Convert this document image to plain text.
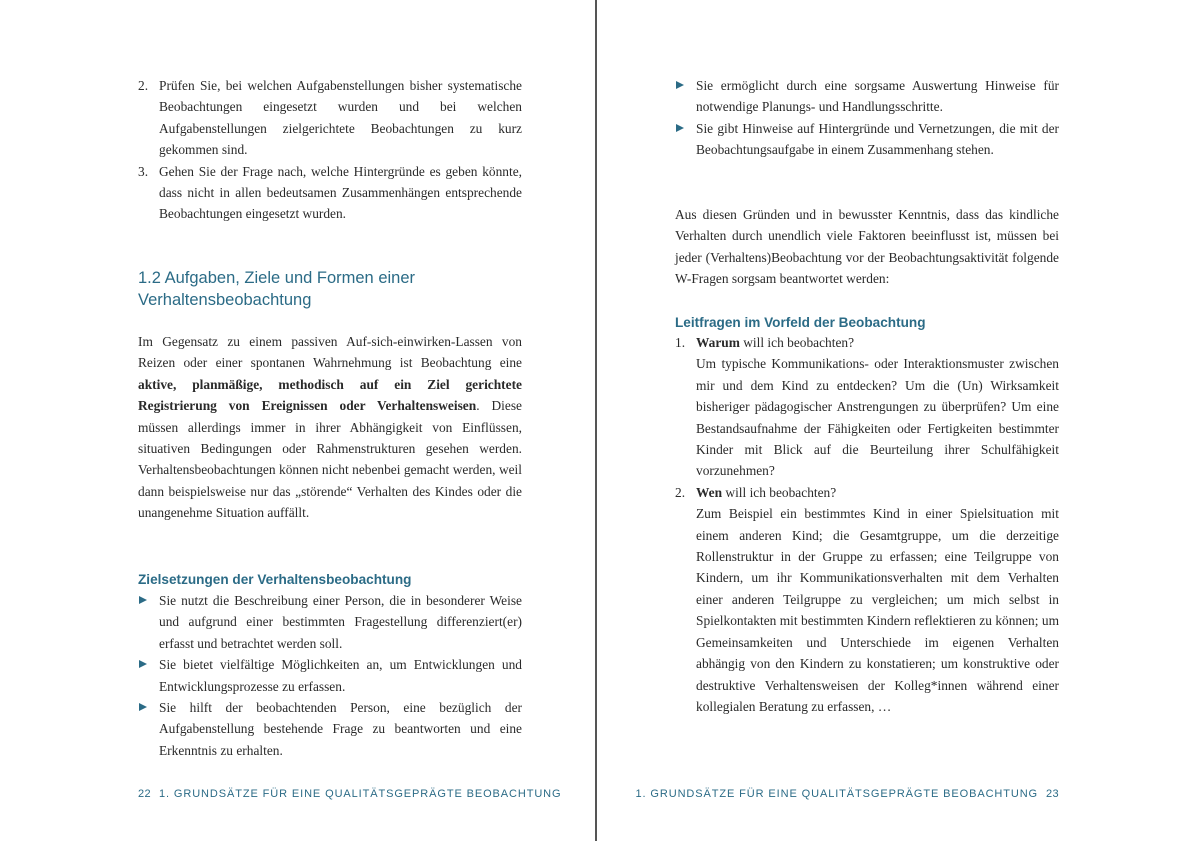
2. Prüfen Sie, bei welchen Aufgabenstellungen bisher systematische Beobachtungen eingesetzt wurden und bei welchen Aufgabenstellungen zielgerichtete Beobachtungen zu kurz gekommen sind.
3. Gehen Sie der Frage nach, welche Hintergründe es geben könnte, dass nicht in allen bedeutsamen Zusammenhängen entsprechende Beobachtungen eingesetzt wurden.
1.2 Aufgaben, Ziele und Formen einer
Verhaltensbeobachtung

Im Gegensatz zu einem passiven Auf-sich-einwirken-Lassen von Reizen oder einer spontanen Wahrnehmung ist Beobachtung eine aktive, planmäßige, methodisch auf ein Ziel gerichtete Registrierung von Ereignissen oder Verhaltensweisen. Diese müssen allerdings immer in ihrer Abhängigkeit von Einflüssen, situativen Bedingungen oder Rahmenstrukturen gesehen werden. Verhaltensbeobachtungen können nicht nebenbei gemacht werden, weil dann beispielsweise nur das „störende“ Verhalten des Kindes oder die unangenehme Situation auffällt.

Zielsetzungen der Verhaltensbeobachtung
Sie nutzt die Beschreibung einer Person, die in besonderer Weise und aufgrund einer bestimmten Fragestellung differenziert(er) erfasst und betrachtet werden soll.
Sie bietet vielfältige Möglichkeiten an, um Entwicklungen und Entwicklungsprozesse zu erfassen.
Sie hilft der beobachtenden Person, eine bezüglich der Aufgabenstellung bestehende Frage zu beantworten und eine Erkenntnis zu erhalten.
22 1. GRUNDSÄTZE FÜR EINE QUALITÄTSGEPRÄGTE BEOBACHTUNG
Sie ermöglicht durch eine sorgsame Auswertung Hinweise für notwendige Planungs- und Handlungsschritte.
Sie gibt Hinweise auf Hintergründe und Vernetzungen, die mit der Beobachtungsaufgabe in einem Zusammenhang stehen.

Aus diesen Gründen und in bewusster Kenntnis, dass das kindliche Verhalten durch unendlich viele Faktoren beeinflusst ist, müssen bei jeder (Verhaltens)Beobachtung vor der Beobachtungsaktivität folgende W-Fragen sorgsam beantwortet werden:

Leitfragen im Vorfeld der Beobachtung
1. Warum will ich beobachten?
Um typische Kommunikations- oder Interaktionsmuster zwischen mir und dem Kind zu entdecken? Um die (Un) Wirksamkeit bisheriger pädagogischer Anstrengungen zu überprüfen? Um eine Bestandsaufnahme der Fähigkeiten oder Fertigkeiten bestimmter Kinder mit Blick auf die Beurteilung ihrer Schulfähigkeit vorzunehmen?
2. Wen will ich beobachten?
Zum Beispiel ein bestimmtes Kind in einer Spielsituation mit einem anderen Kind; die Gesamtgruppe, um die derzeitige Rollenstruktur in der Gruppe zu erfassen; eine Teilgruppe von Kindern, um ihr Kommunikationsverhalten mit dem Verhalten einer anderen Teilgruppe zu vergleichen; um mich selbst in Spielkontakten mit bestimmten Kindern reflektieren zu können; um Gemeinsamkeiten und Unterschiede im eigenen Verhalten abhängig von den Kindern zu konstatieren; um konstruktive oder destruktive Verhaltensweisen der Kolleg*innen während einer kollegialen Beratung zu erfassen, …
1. GRUNDSÄTZE FÜR EINE QUALITÄTSGEPRÄGTE BEOBACHTUNG 23
